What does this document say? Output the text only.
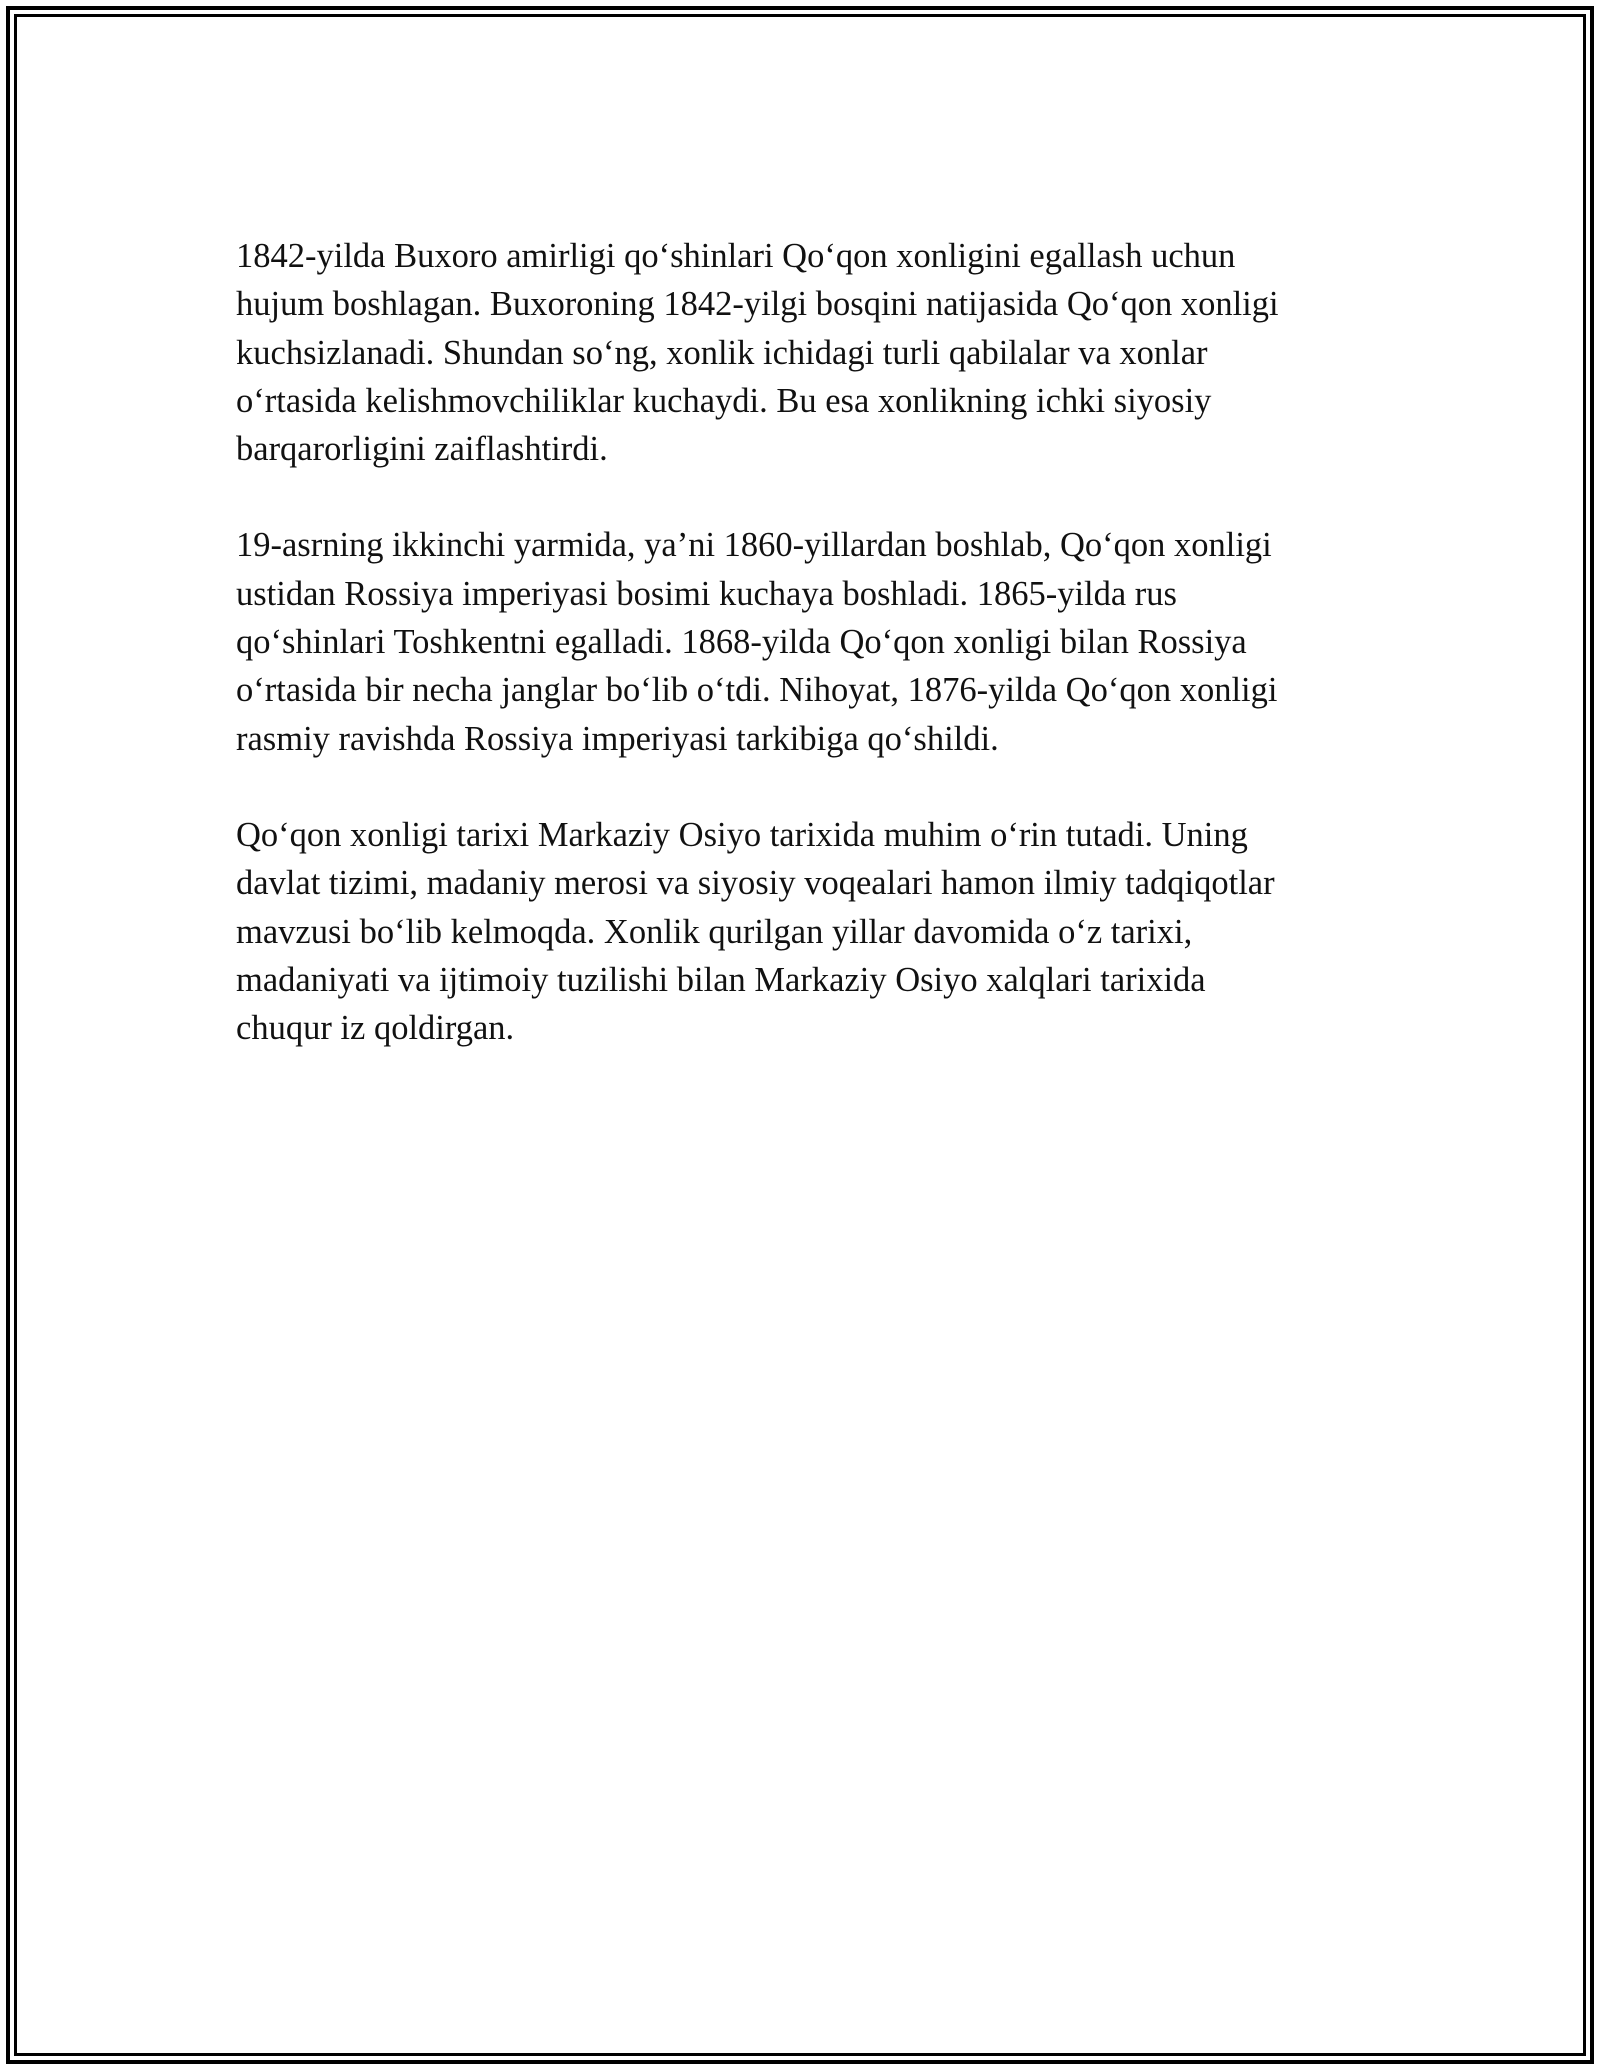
1842-yilda Buxoro amirligi qo‘shinlari Qo‘qon xonligini egallash uchun
hujum boshlagan. Buxoroning 1842-yilgi bosqini natijasida Qo‘qon xonligi
kuchsizlanadi. Shundan so‘ng, xonlik ichidagi turli qabilalar va xonlar
o‘rtasida kelishmovchiliklar kuchaydi. Bu esa xonlikning ichki siyosiy
barqarorligini zaiflashtirdi.

19-asrning ikkinchi yarmida, ya’ni 1860-yillardan boshlab, Qo‘qon xonligi
ustidan Rossiya imperiyasi bosimi kuchaya boshladi. 1865-yilda rus
qo‘shinlari Toshkentni egalladi. 1868-yilda Qo‘qon xonligi bilan Rossiya
o‘rtasida bir necha janglar bo‘lib o‘tdi. Nihoyat, 1876-yilda Qo‘qon xonligi
rasmiy ravishda Rossiya imperiyasi tarkibiga qo‘shildi.

Qo‘qon xonligi tarixi Markaziy Osiyo tarixida muhim o‘rin tutadi. Uning
davlat tizimi, madaniy merosi va siyosiy voqealari hamon ilmiy tadqiqotlar
mavzusi bo‘lib kelmoqda. Xonlik qurilgan yillar davomida o‘z tarixi,
madaniyati va ijtimoiy tuzilishi bilan Markaziy Osiyo xalqlari tarixida
chuqur iz qoldirgan.
